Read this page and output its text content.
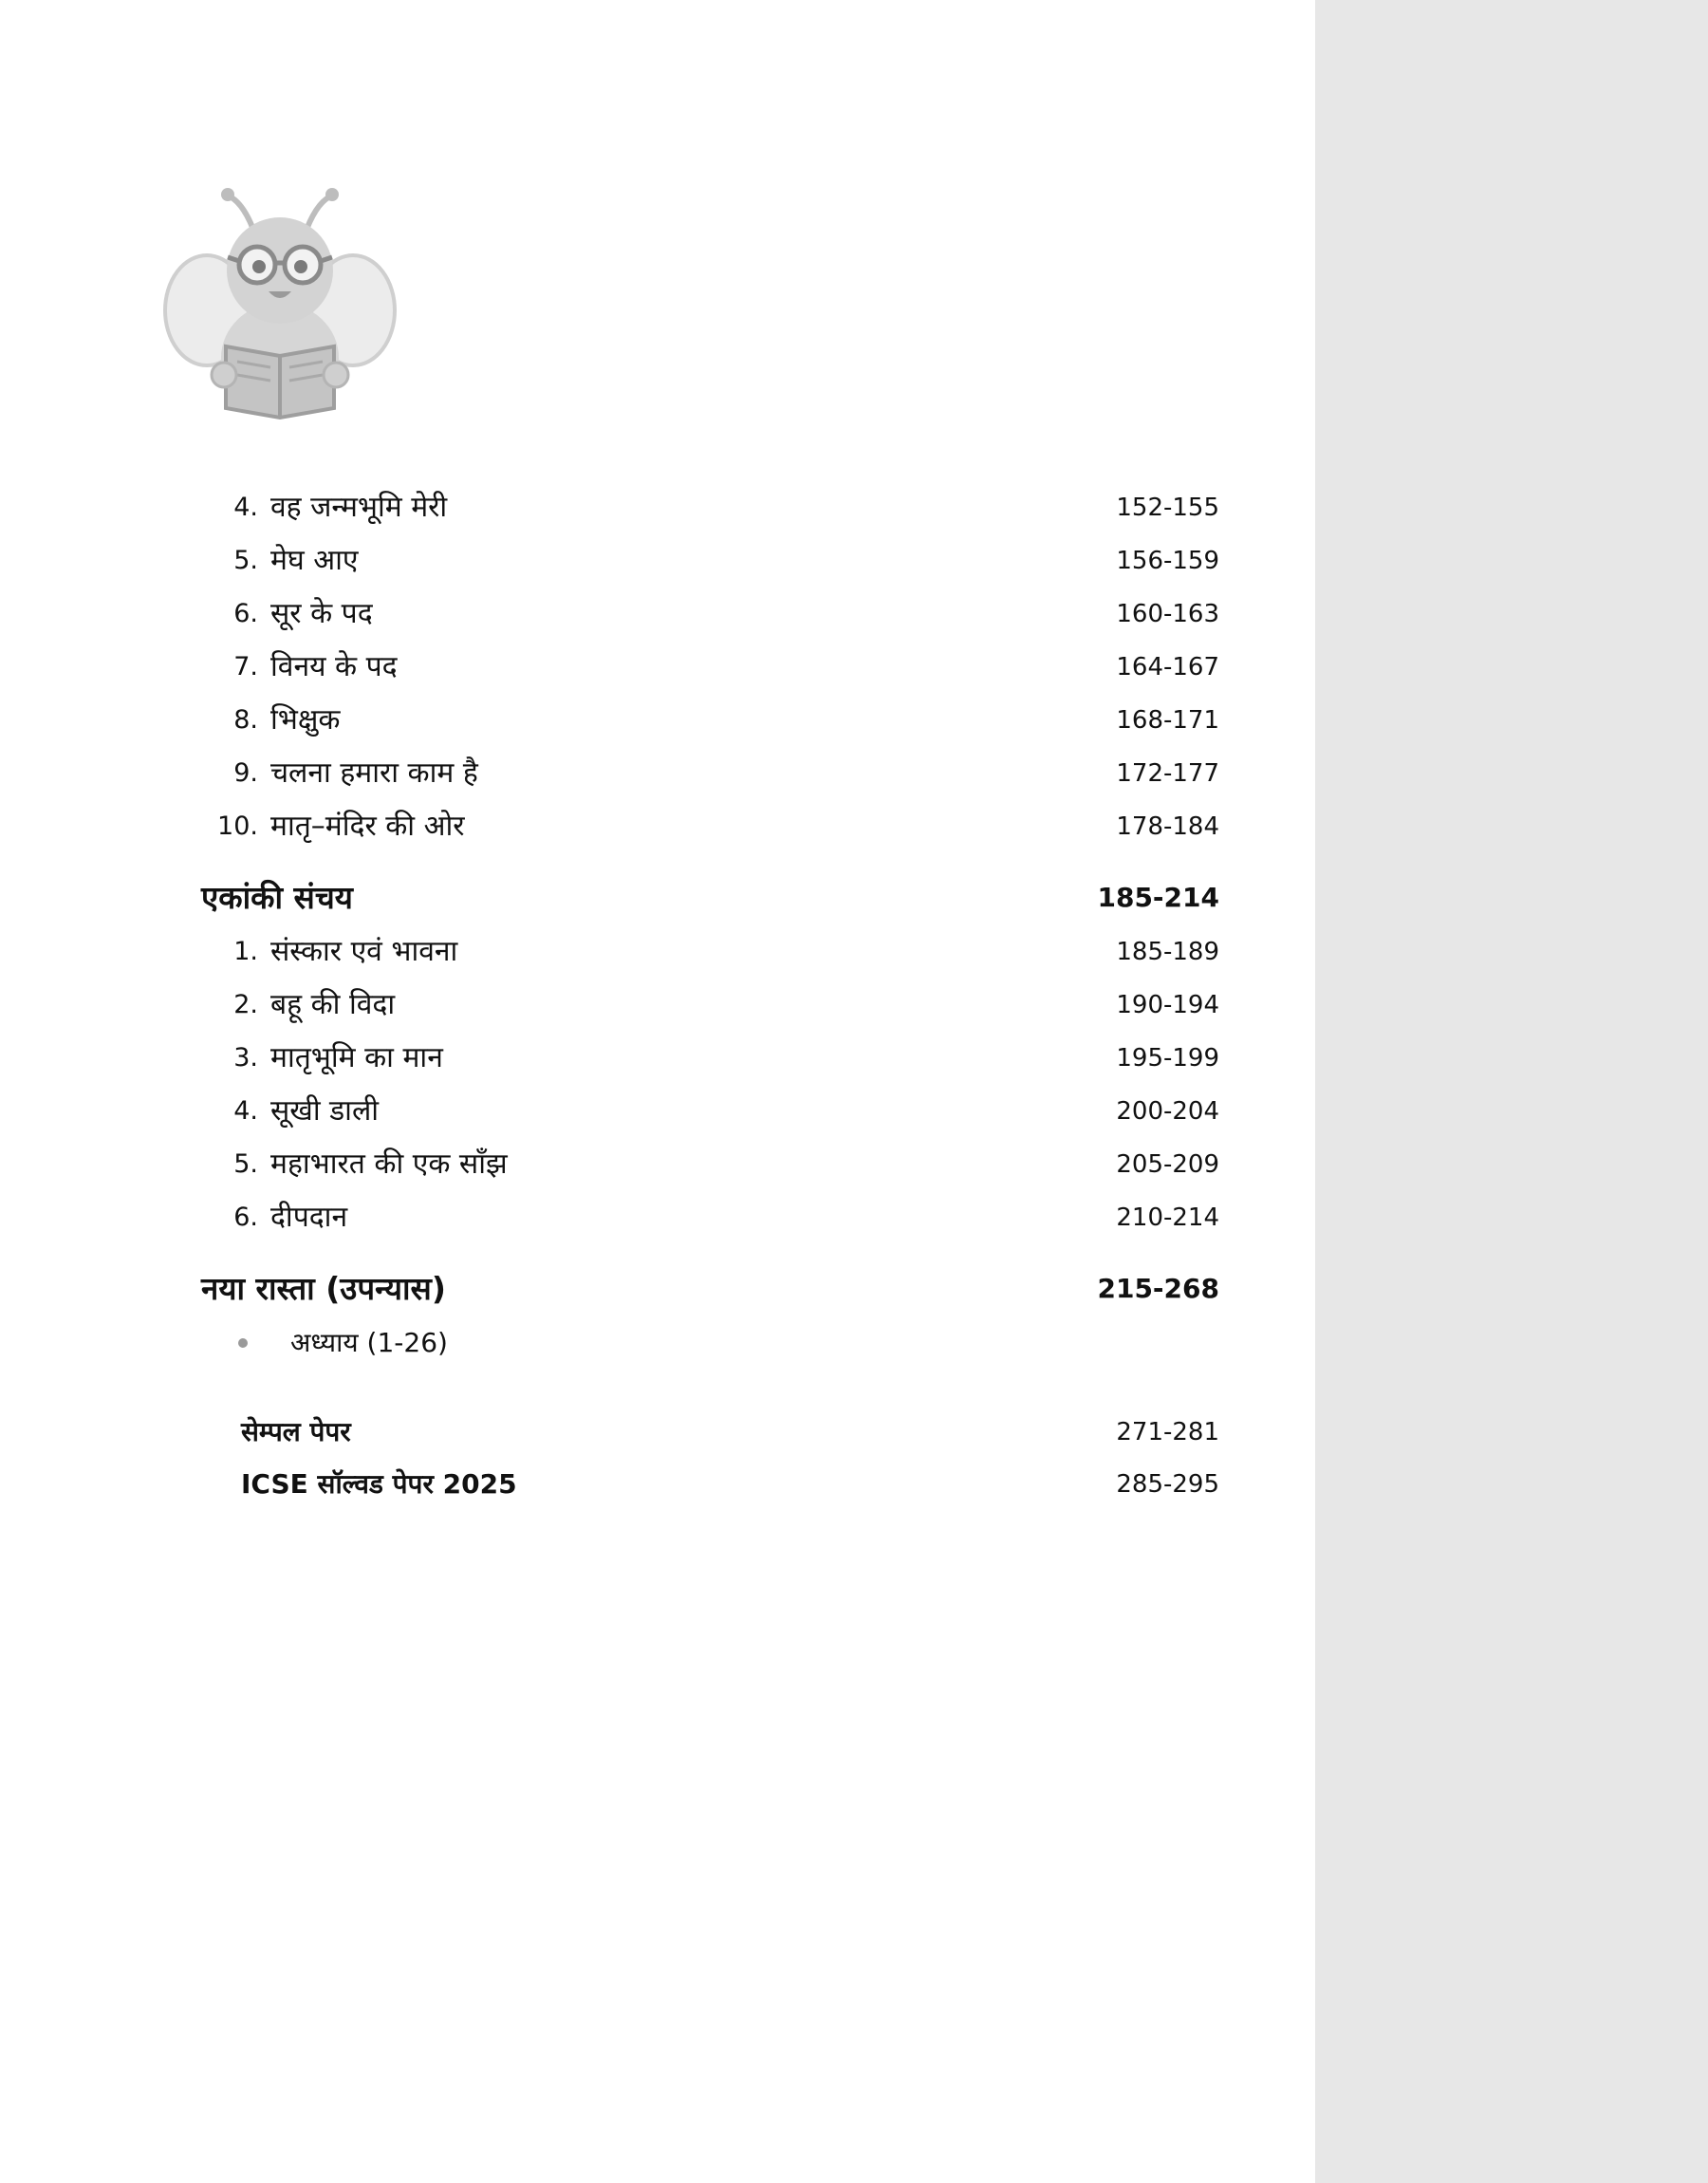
4. वह जन्मभूमि मेरी	152-155
5. मेघ आए	156-159
6. सूर के पद	160-163
7. विनय के पद	164-167
8. भिक्षुक	168-171
9. चलना हमारा काम है	172-177
10. मातृ–मंदिर की ओर	178-184
एकांकी संचय	185-214
1. संस्कार एवं भावना	185-189
2. बहू की विदा	190-194
3. मातृभूमि का मान	195-199
4. सूखी डाली	200-204
5. महाभारत की एक साँझ	205-209
6. दीपदान	210-214
नया रास्ता (उपन्यास)	215-268
अध्याय (1-26)
सेम्पल पेपर	271-281
ICSE सॉल्वड पेपर 2025	285-295
